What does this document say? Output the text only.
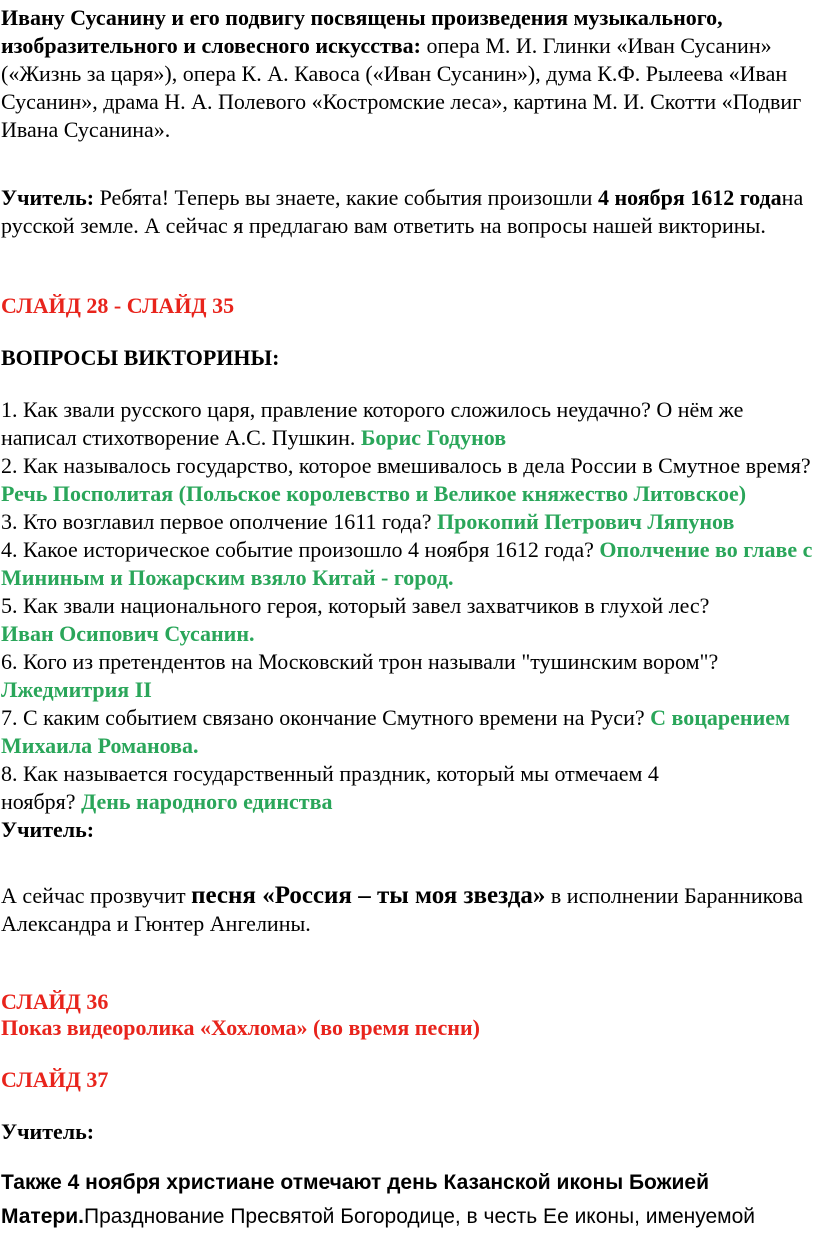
Ивану Сусанину и его подвигу посвящены произведения музыкального, изобразительного и словесного искусства: опера М. И. Глинки «Иван Сусанин» («Жизнь за царя»), опера К. А. Кавоса («Иван Сусанин»), дума К.Ф. Рылеева «Иван Сусанин», драма Н. А. Полевого «Костромские леса», картина М. И. Скотти «Подвиг Ивана Сусанина».

Учитель: Ребята! Теперь вы знаете, какие события произошли 4 ноября 1612 годана русской земле. А сейчас я предлагаю вам ответить на вопросы нашей викторины.

СЛАЙД 28 - СЛАЙД 35

ВОПРОСЫ ВИКТОРИНЫ:

1. Как звали русского царя, правление которого сложилось неудачно? О нём же написал стихотворение А.С. Пушкин. Борис Годунов
2. Как называлось государство, которое вмешивалось в дела России в Смутное время? Речь Посполитая (Польское королевство и Великое княжество Литовское)
3. Кто возглавил первое ополчение 1611 года? Прокопий Петрович Ляпунов
4. Какое историческое событие произошло 4 ноября 1612 года? Ополчение во главе с Мининым и Пожарским взяло Китай - город.
5. Как звали национального героя, который завел захватчиков в глухой лес? Иван Осипович Сусанин.
6. Кого из претендентов на Московский трон называли "тушинским вором"? Лжедмитрия II
7. С каким событием связано окончание Смутного времени на Руси? С воцарением Михаила Романова.
8. Как называется государственный праздник, который мы отмечаем 4 ноября? День народного единства
Учитель:

А сейчас прозвучит песня «Россия – ты моя звезда» в исполнении Баранникова Александра и Гюнтер Ангелины.

СЛАЙД 36

Показ видеоролика «Хохлома» (во время песни)

СЛАЙД 37

Учитель:

Также 4 ноября христиане отмечают день Казанской иконы Божией Матери.Празднование Пресвятой Богородице, в честь Ее иконы, именуемой
